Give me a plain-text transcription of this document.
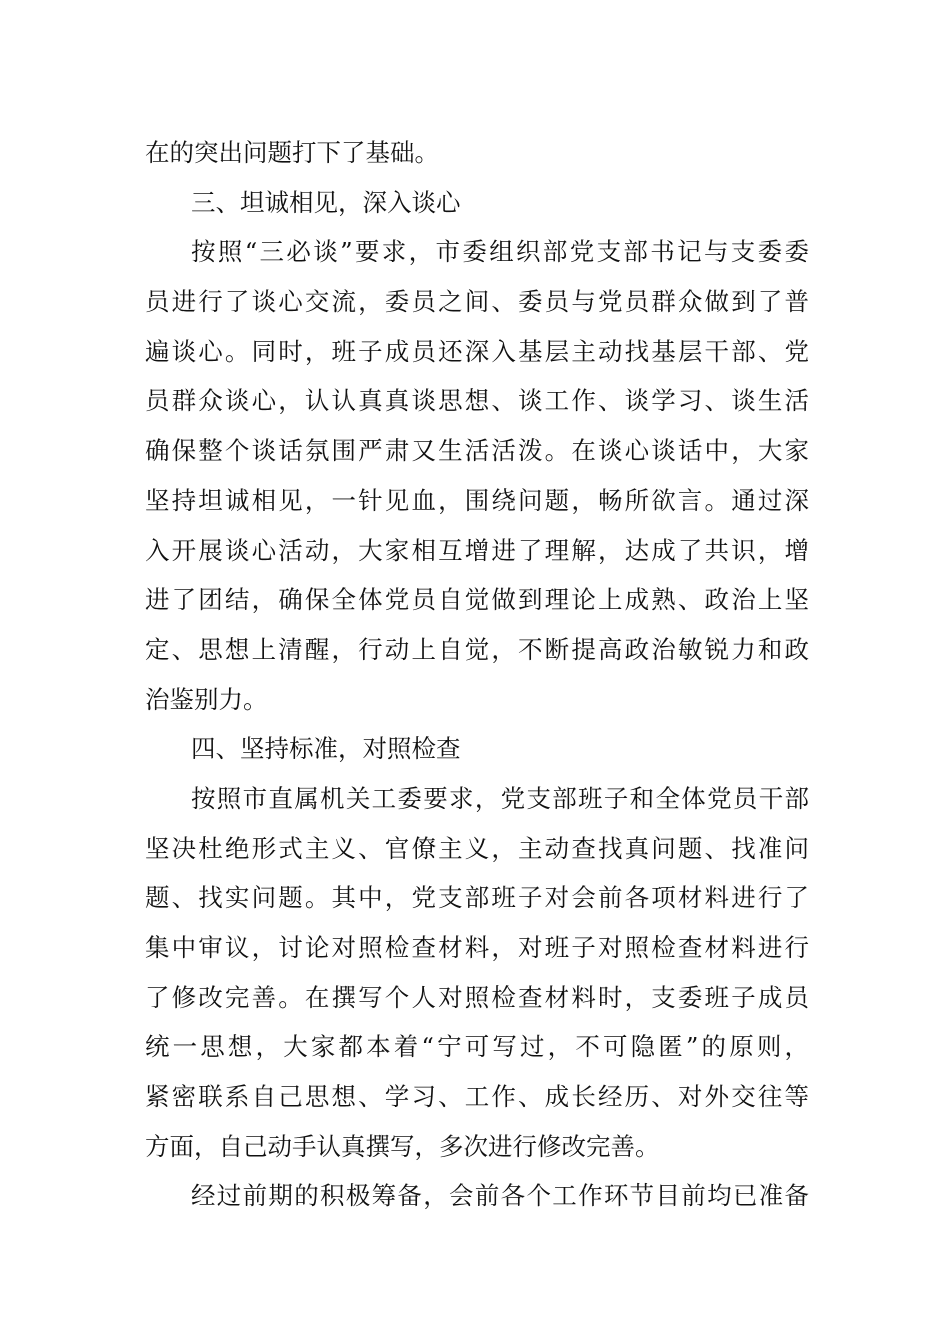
在的突出问题打下了基础。
三、坦诚相见，深入谈心
按照“三必谈”要求，市委组织部党支部书记与支委委
员进行了谈心交流，委员之间、委员与党员群众做到了普
遍谈心。同时，班子成员还深入基层主动找基层干部、党
员群众谈心，认认真真谈思想、谈工作、谈学习、谈生活
确保整个谈话氛围严肃又生活活泼。在谈心谈话中，大家
坚持坦诚相见，一针见血，围绕问题，畅所欲言。通过深
入开展谈心活动，大家相互增进了理解，达成了共识，增
进了团结，确保全体党员自觉做到理论上成熟、政治上坚
定、思想上清醒，行动上自觉，不断提高政治敏锐力和政
治鉴别力。
四、坚持标准，对照检查
按照市直属机关工委要求，党支部班子和全体党员干部
坚决杜绝形式主义、官僚主义，主动查找真问题、找准问
题、找实问题。其中，党支部班子对会前各项材料进行了
集中审议，讨论对照检查材料，对班子对照检查材料进行
了修改完善。在撰写个人对照检查材料时，支委班子成员
统一思想，大家都本着“宁可写过，不可隐匿”的原则，
紧密联系自己思想、学习、工作、成长经历、对外交往等
方面，自己动手认真撰写，多次进行修改完善。
经过前期的积极筹备，会前各个工作环节目前均已准备
